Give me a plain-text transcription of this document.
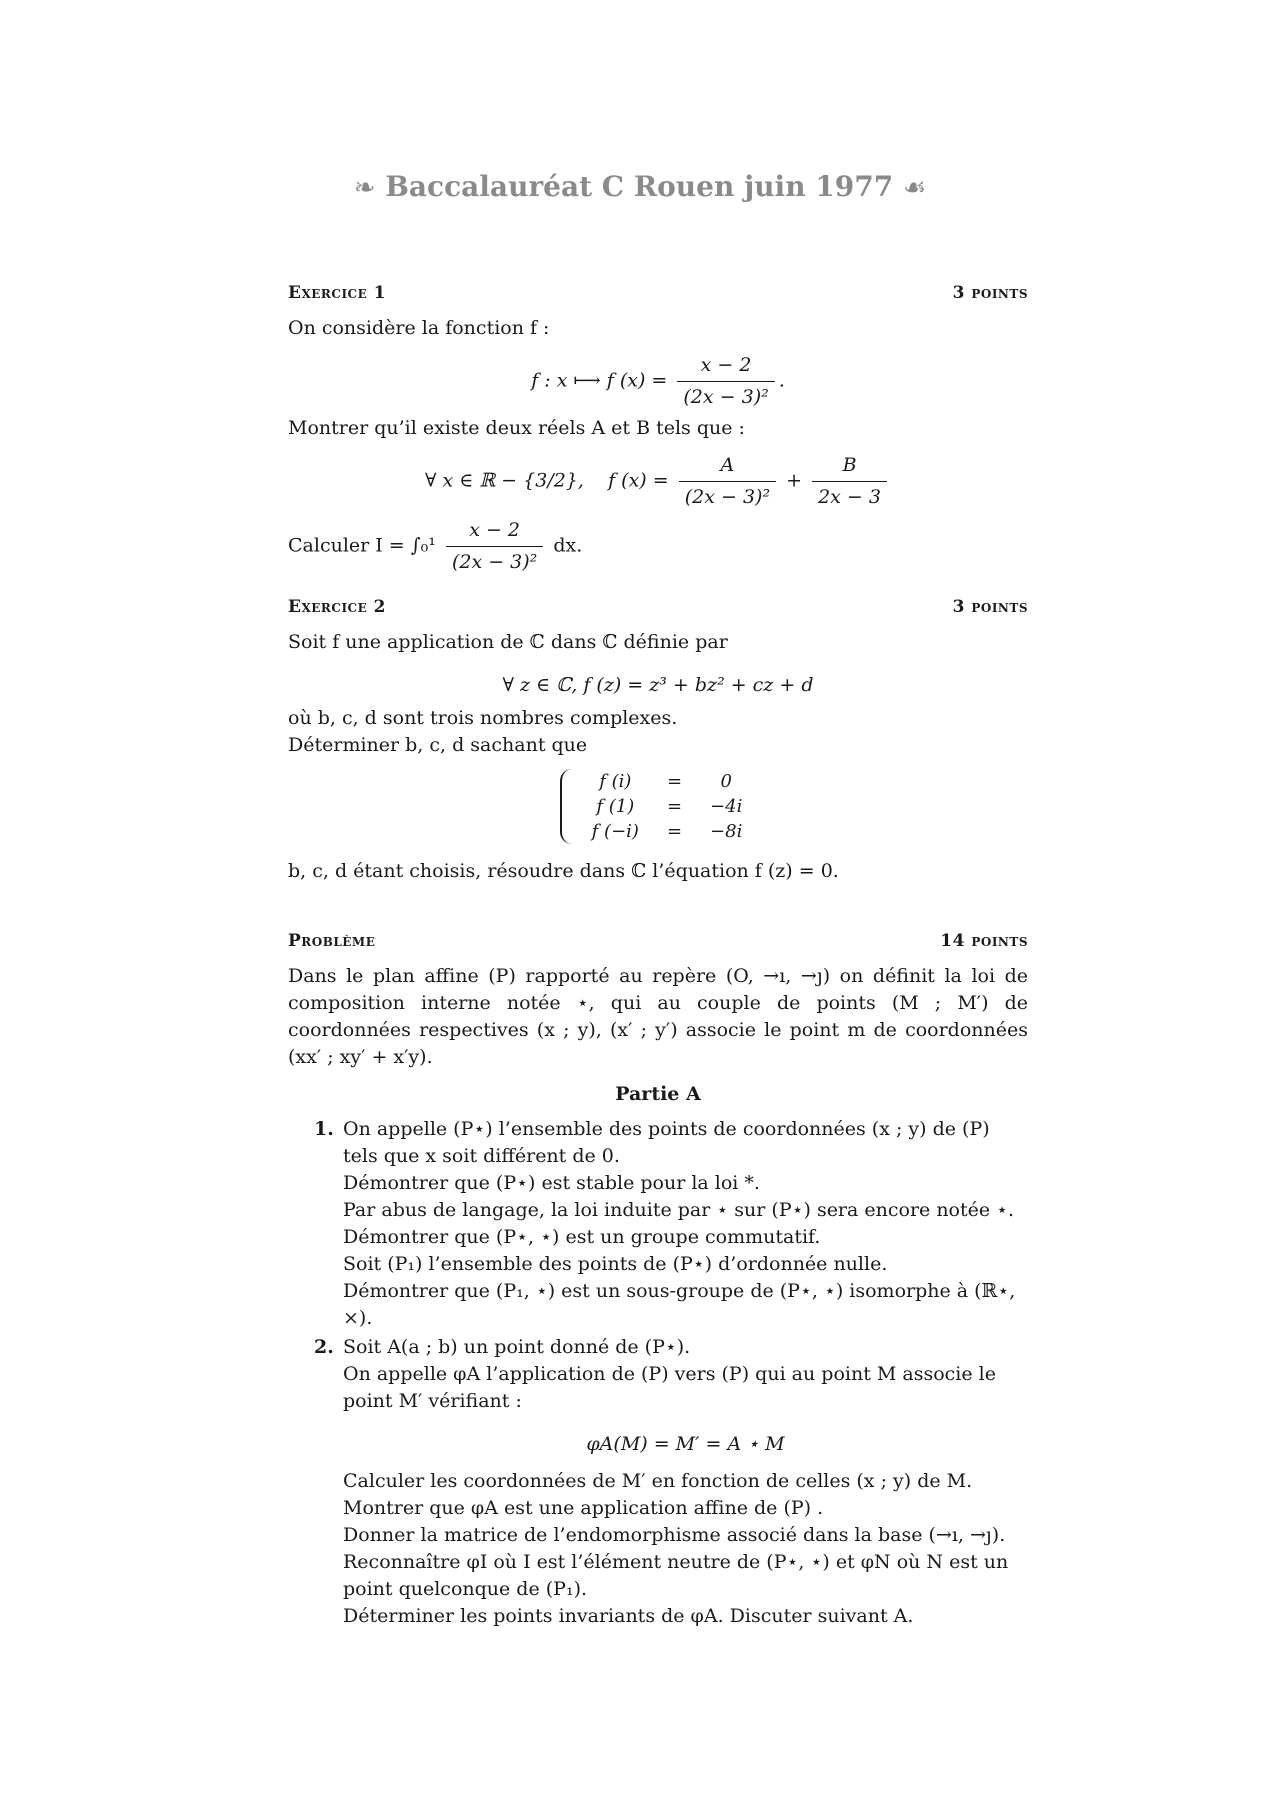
❧ Baccalauréat C Rouen juin 1977 ☙
Exercice 1	3 points
On considère la fonction f :
f : x ⟼ f $(x) = \frac{x - 2}{\text{(2x − 3)²}}$ .
Montrer qu’il existe deux réels A et B tels que :
∀ x ∈ ℝ − {3/2}, f $(x) = \frac{A}{\text{(2x − 3)²}} + \frac{B}{2x - 3}$
Calculer $I = \int_0^1 \frac{x - 2}{\text{(2x − 3)²}}$ dx.
Exercice 2	3 points
Soit f une application de ℂ dans ℂ définie par
∀ z ∈ ℂ, f (z) = z³ + bz² + cz + d
où b, c, d sont trois nombres complexes.
Déterminer b, c, d sachant que
f (i)	=	0
f (1)	=	−4i
f (−i)	=	−8i
b, c, d étant choisis, résoudre dans ℂ l’équation f (z) = 0.
Problème	14 points
Dans le plan affine (P) rapporté au repère (O, →ı, →ȷ) on définit la loi de composition interne notée ⋆, qui au couple de points (M ; M′) de coordonnées respectives (x ; y), (x′ ; y′) associe le point m de coordonnées (xx′ ; xy′ + x′y).
Partie A
1. On appelle (P⋆) l’ensemble des points de coordonnées (x ; y) de (P) tels que x soit différent de 0.
Démontrer que (P⋆) est stable pour la loi *.
Par abus de langage, la loi induite par ⋆ sur (P⋆) sera encore notée ⋆.
Démontrer que (P⋆, ⋆) est un groupe commutatif.
Soit (P₁) l’ensemble des points de (P⋆) d’ordonnée nulle.
Démontrer que (P₁, ⋆) est un sous-groupe de (P⋆, ⋆) isomorphe à (ℝ⋆, ×).
2. Soit A(a ; b) un point donné de (P⋆).
On appelle φA l’application de (P) vers (P) qui au point M associe le point M′ vérifiant :
φA(M) = M′ = A ⋆ M
Calculer les coordonnées de M′ en fonction de celles (x ; y) de M.
Montrer que φA est une application affine de (P) .
Donner la matrice de l’endomorphisme associé dans la base (→ı, →ȷ).
Reconnaître φI où I est l’élément neutre de (P⋆, ⋆) et φN où N est un point quelconque de (P₁).
Déterminer les points invariants de φA. Discuter suivant A.
